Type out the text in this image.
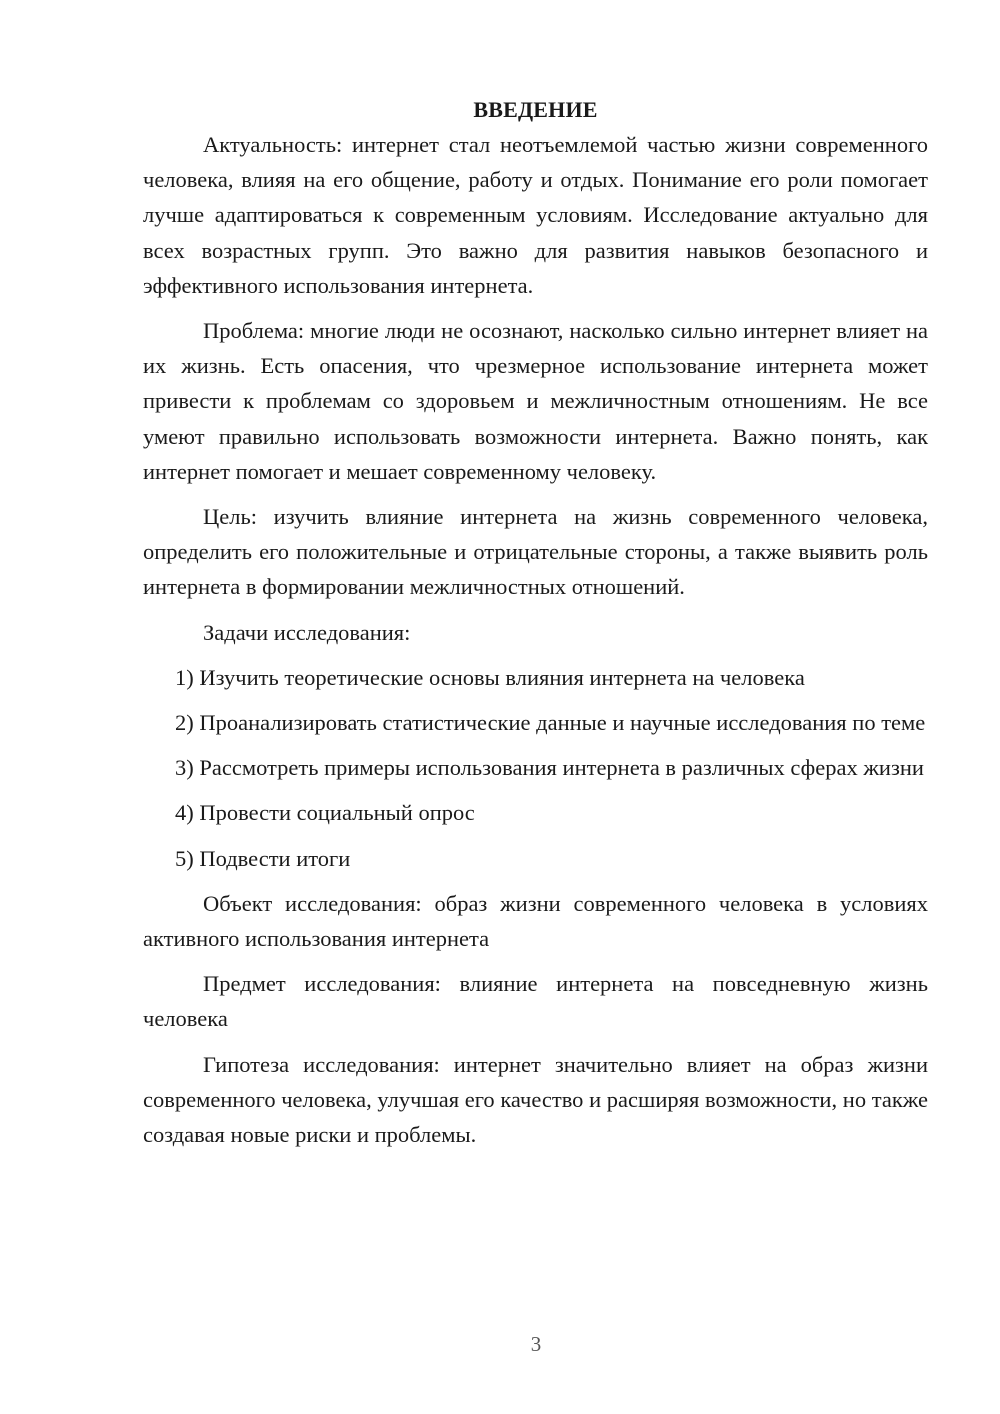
ВВЕДЕНИЕ

Актуальность: интернет стал неотъемлемой частью жизни современного человека, влияя на его общение, работу и отдых. Понимание его роли помогает лучше адаптироваться к современным условиям. Исследование актуально для всех возрастных групп. Это важно для развития навыков безопасного и эффективного использования интернета.

Проблема: многие люди не осознают, насколько сильно интернет влияет на их жизнь. Есть опасения, что чрезмерное использование интернета может привести к проблемам со здоровьем и межличностным отношениям. Не все умеют правильно использовать возможности интернета. Важно понять, как интернет помогает и мешает современному человеку.

Цель: изучить влияние интернета на жизнь современного человека, определить его положительные и отрицательные стороны, а также выявить роль интернета в формировании межличностных отношений.

Задачи исследования:

1) Изучить теоретические основы влияния интернета на человека

2) Проанализировать статистические данные и научные исследования по теме

3) Рассмотреть примеры использования интернета в различных сферах жизни

4) Провести социальный опрос

5) Подвести итоги

Объект исследования: образ жизни современного человека в условиях активного использования интернета

Предмет исследования: влияние интернета на повседневную жизнь человека

Гипотеза исследования: интернет значительно влияет на образ жизни современного человека, улучшая его качество и расширяя возможности, но также создавая новые риски и проблемы.

3
